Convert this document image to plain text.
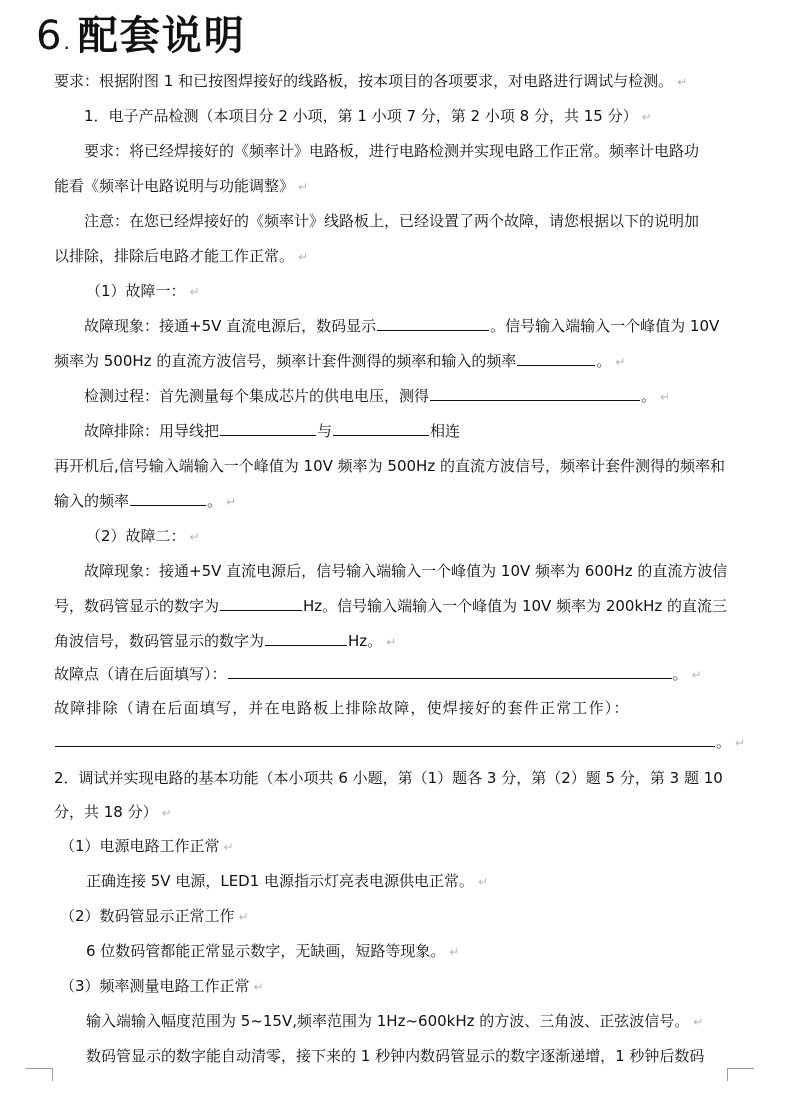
6. 配套说明
要求：根据附图 1 和已按图焊接好的线路板，按本项目的各项要求，对电路进行调试与检测。 ↵
1．电子产品检测（本项目分 2 小项，第 1 小项 7 分，第 2 小项 8 分，共 15 分） ↵
要求：将已经焊接好的《频率计》电路板，进行电路检测并实现电路工作正常。频率计电路功
能看《频率计电路说明与功能调整》 ↵
注意：在您已经焊接好的《频率计》线路板上，已经设置了两个故障，请您根据以下的说明加
以排除，排除后电路才能工作正常。 ↵
（1）故障一： ↵
故障现象：接通+5V 直流电源后，数码显示	。信号输入端输入一个峰值为 10V
频率为 500Hz 的直流方波信号，频率计套件测得的频率和输入的频率	。 ↵
检测过程：首先测量每个集成芯片的供电电压，测得	。 ↵
故障排除：用导线把	与	相连
再开机后,信号输入端输入一个峰值为 10V 频率为 500Hz 的直流方波信号，频率计套件测得的频率和
输入的频率	。 ↵
（2）故障二： ↵
故障现象：接通+5V 直流电源后，信号输入端输入一个峰值为 10V 频率为 600Hz 的直流方波信
号，数码管显示的数字为	Hz。信号输入端输入一个峰值为 10V 频率为 200kHz 的直流三
角波信号，数码管显示的数字为	Hz。 ↵
故障点（请在后面填写）：	。 ↵
故障排除（请在后面填写，并在电路板上排除故障，使焊接好的套件正常工作）：
。 ↵
2．调试并实现电路的基本功能（本小项共 6 小题，第（1）题各 3 分，第（2）题 5 分，第 3 题 10
分，共 18 分） ↵
（1）电源电路工作正常 ↵
正确连接 5V 电源，LED1 电源指示灯亮表电源供电正常。 ↵
（2）数码管显示正常工作 ↵
6 位数码管都能正常显示数字，无缺画，短路等现象。 ↵
（3）频率测量电路工作正常 ↵
输入端输入幅度范围为 5~15V,频率范围为 1Hz~600kHz 的方波、三角波、正弦波信号。 ↵
数码管显示的数字能自动清零，接下来的 1 秒钟内数码管显示的数字逐渐递增，1 秒钟后数码
